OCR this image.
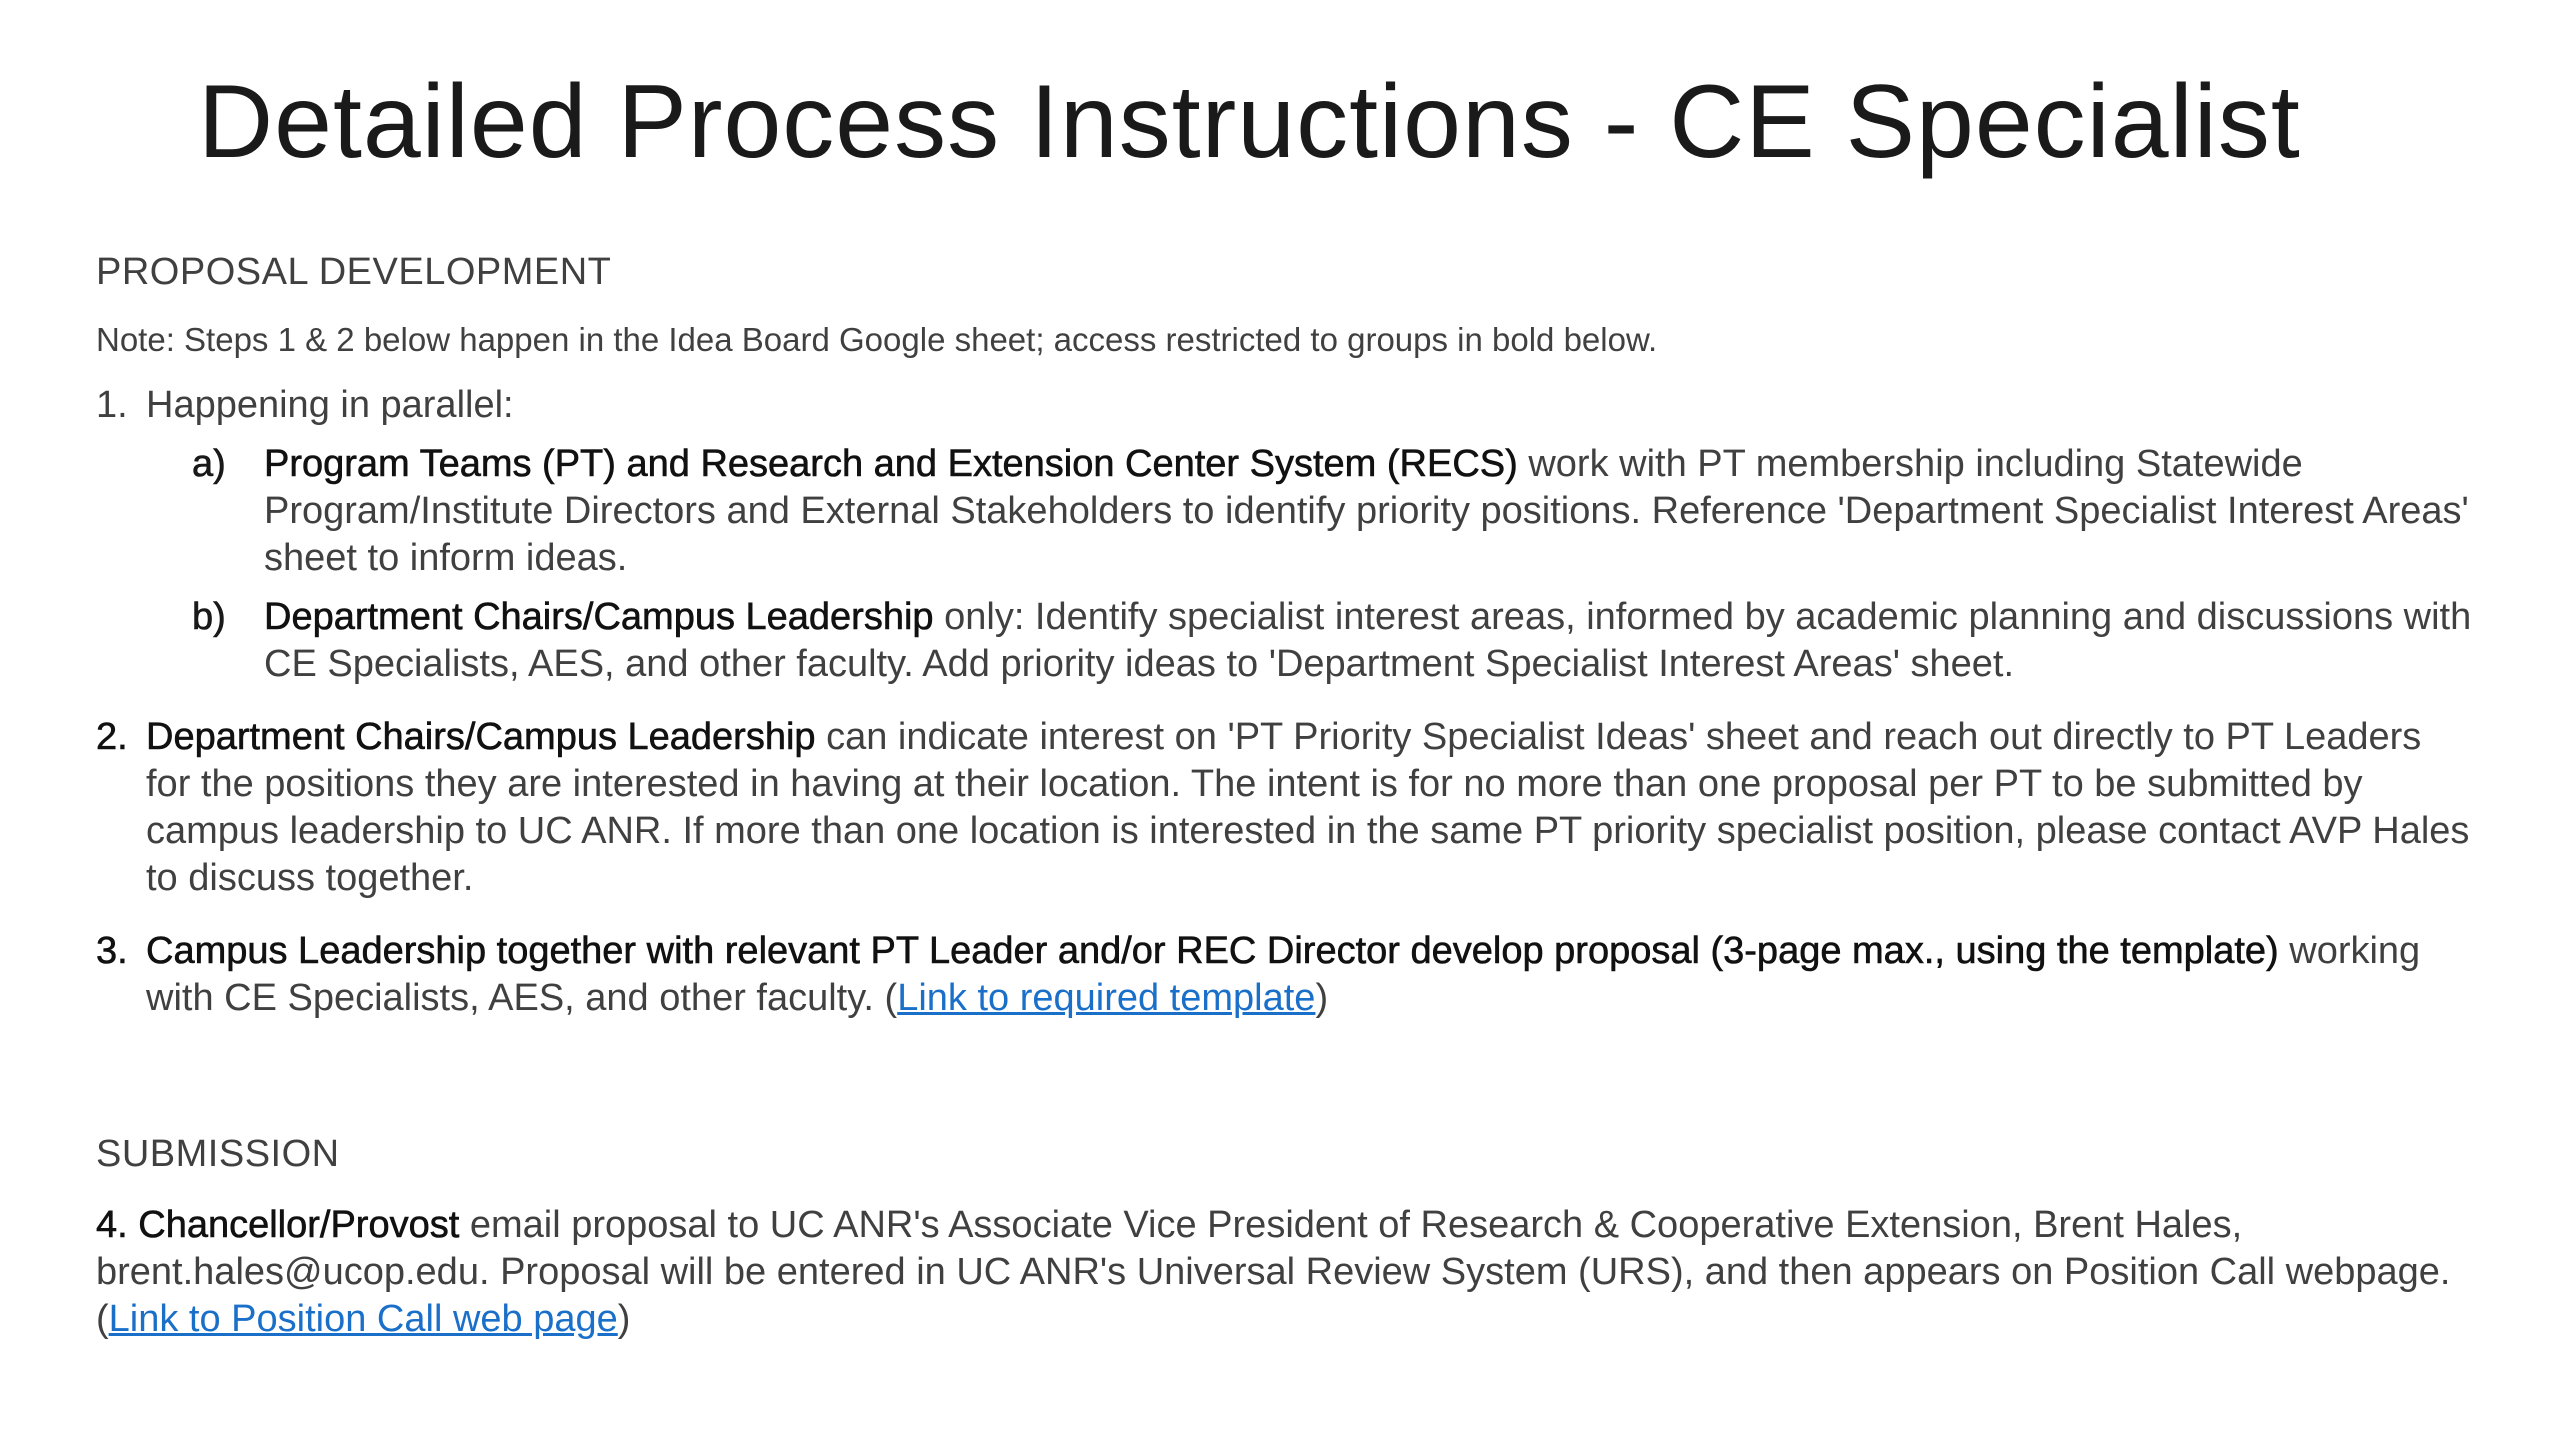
Detailed Process Instructions - CE Specialist

PROPOSAL DEVELOPMENT

Note: Steps 1 & 2 below happen in the Idea Board Google sheet; access restricted to groups in bold below.

1. Happening in parallel:
a)	Program Teams (PT) and Research and Extension Center System (RECS) work with PT membership including Statewide Program/Institute Directors and External Stakeholders to identify priority positions. Reference 'Department Specialist Interest Areas' sheet to inform ideas.
b)	Department Chairs/Campus Leadership only: Identify specialist interest areas, informed by academic planning and discussions with CE Specialists, AES, and other faculty. Add priority ideas to 'Department Specialist Interest Areas' sheet.
2. Department Chairs/Campus Leadership can indicate interest on 'PT Priority Specialist Ideas' sheet and reach out directly to PT Leaders for the positions they are interested in having at their location. The intent is for no more than one proposal per PT to be submitted by campus leadership to UC ANR. If more than one location is interested in the same PT priority specialist position, please contact AVP Hales to discuss together.
3. Campus Leadership together with relevant PT Leader and/or REC Director develop proposal (3-page max., using the template) working with CE Specialists, AES, and other faculty. (Link to required template)

SUBMISSION

4. Chancellor/Provost email proposal to UC ANR's Associate Vice President of Research & Cooperative Extension, Brent Hales, brent.hales@ucop.edu. Proposal will be entered in UC ANR's Universal Review System (URS), and then appears on Position Call webpage. (Link to Position Call web page)
